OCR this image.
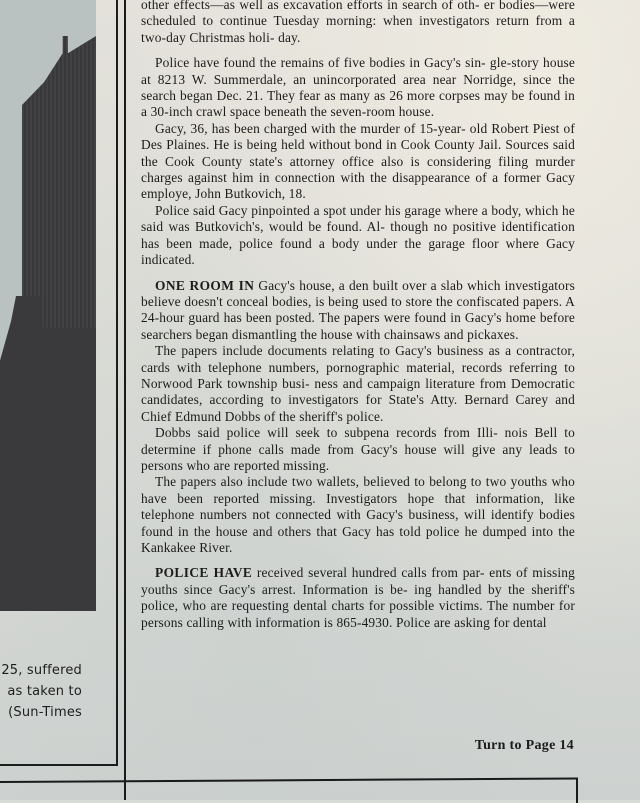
25, suffered
as taken to
(Sun-Times

other effects—as well as excavation efforts in search of oth- er bodies—were scheduled to continue Tuesday morning: when investigators return from a two-day Christmas holi- day.

Police have found the remains of five bodies in Gacy's sin- gle-story house at 8213 W. Summerdale, an unincorporated area near Norridge, since the search began Dec. 21. They fear as many as 26 more corpses may be found in a 30-inch crawl space beneath the seven-room house.

Gacy, 36, has been charged with the murder of 15-year- old Robert Piest of Des Plaines. He is being held without bond in Cook County Jail. Sources said the Cook County state's attorney office also is considering filing murder charges against him in connection with the disappearance of a former Gacy employe, John Butkovich, 18.

Police said Gacy pinpointed a spot under his garage where a body, which he said was Butkovich's, would be found. Al- though no positive identification has been made, police found a body under the garage floor where Gacy indicated.

ONE ROOM IN Gacy's house, a den built over a slab which investigators believe doesn't conceal bodies, is being used to store the confiscated papers. A 24-hour guard has been posted. The papers were found in Gacy's home before searchers began dismantling the house with chainsaws and pickaxes.

The papers include documents relating to Gacy's business as a contractor, cards with telephone numbers, pornographic material, records referring to Norwood Park township busi- ness and campaign literature from Democratic candidates, according to investigators for State's Atty. Bernard Carey and Chief Edmund Dobbs of the sheriff's police.

Dobbs said police will seek to subpena records from Illi- nois Bell to determine if phone calls made from Gacy's house will give any leads to persons who are reported missing.

The papers also include two wallets, believed to belong to two youths who have been reported missing. Investigators hope that information, like telephone numbers not connected with Gacy's business, will identify bodies found in the house and others that Gacy has told police he dumped into the Kankakee River.

POLICE HAVE received several hundred calls from par- ents of missing youths since Gacy's arrest. Information is be- ing handled by the sheriff's police, who are requesting dental charts for possible victims. The number for persons calling with information is 865-4930. Police are asking for dental

Turn to Page 14
